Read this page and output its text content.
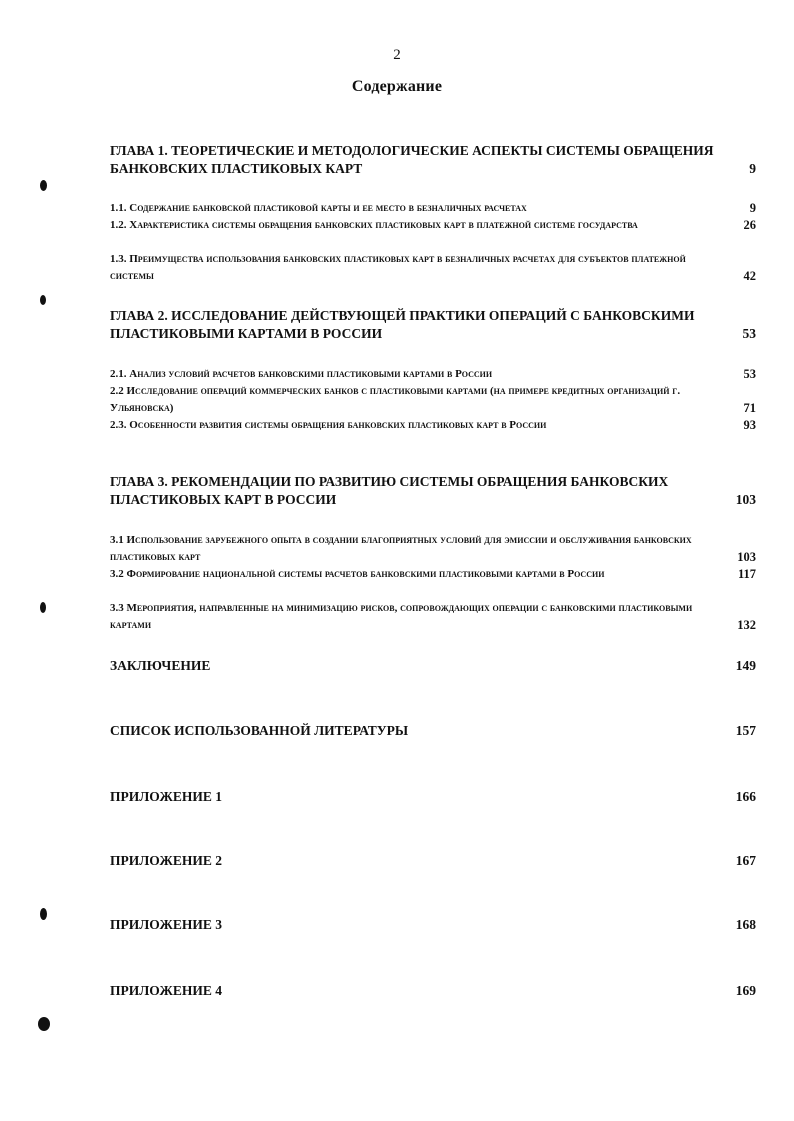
2
Содержание
ГЛАВА 1. ТЕОРЕТИЧЕСКИЕ И МЕТОДОЛОГИЧЕСКИЕ АСПЕКТЫ СИСТЕМЫ ОБРАЩЕНИЯ БАНКОВСКИХ ПЛАСТИКОВЫХ КАРТ	9
1.1. Содержание банковской пластиковой карты и ее место в безналичных расчетах	9
1.2. Характеристика системы обращения банковских пластиковых карт в платежной системе государства	26
1.3. Преимущества использования банковских пластиковых карт в безналичных расчетах для субъектов платежной системы	42
ГЛАВА 2. ИССЛЕДОВАНИЕ ДЕЙСТВУЮЩЕЙ ПРАКТИКИ ОПЕРАЦИЙ С БАНКОВСКИМИ ПЛАСТИКОВЫМИ КАРТАМИ В РОССИИ	53
2.1. Анализ условий расчетов банковскими пластиковыми картами в России	53
2.2 Исследование операций коммерческих банков с пластиковыми картами (на примере кредитных организаций г. Ульяновска)	71
2.3. Особенности развития системы обращения банковских пластиковых карт в России	93
ГЛАВА 3. РЕКОМЕНДАЦИИ ПО РАЗВИТИЮ СИСТЕМЫ ОБРАЩЕНИЯ БАНКОВСКИХ ПЛАСТИКОВЫХ КАРТ В РОССИИ	103
3.1 Использование зарубежного опыта в создании благоприятных условий для эмиссии и обслуживания банковских пластиковых карт	103
3.2 Формирование национальной системы расчетов банковскими пластиковыми картами в России	117
3.3 Мероприятия, направленные на минимизацию рисков, сопровождающих операции с банковскими пластиковыми картами	132
ЗАКЛЮЧЕНИЕ	149
СПИСОК ИСПОЛЬЗОВАННОЙ ЛИТЕРАТУРЫ	157
ПРИЛОЖЕНИЕ 1	166
ПРИЛОЖЕНИЕ 2	167
ПРИЛОЖЕНИЕ 3	168
ПРИЛОЖЕНИЕ 4	169
